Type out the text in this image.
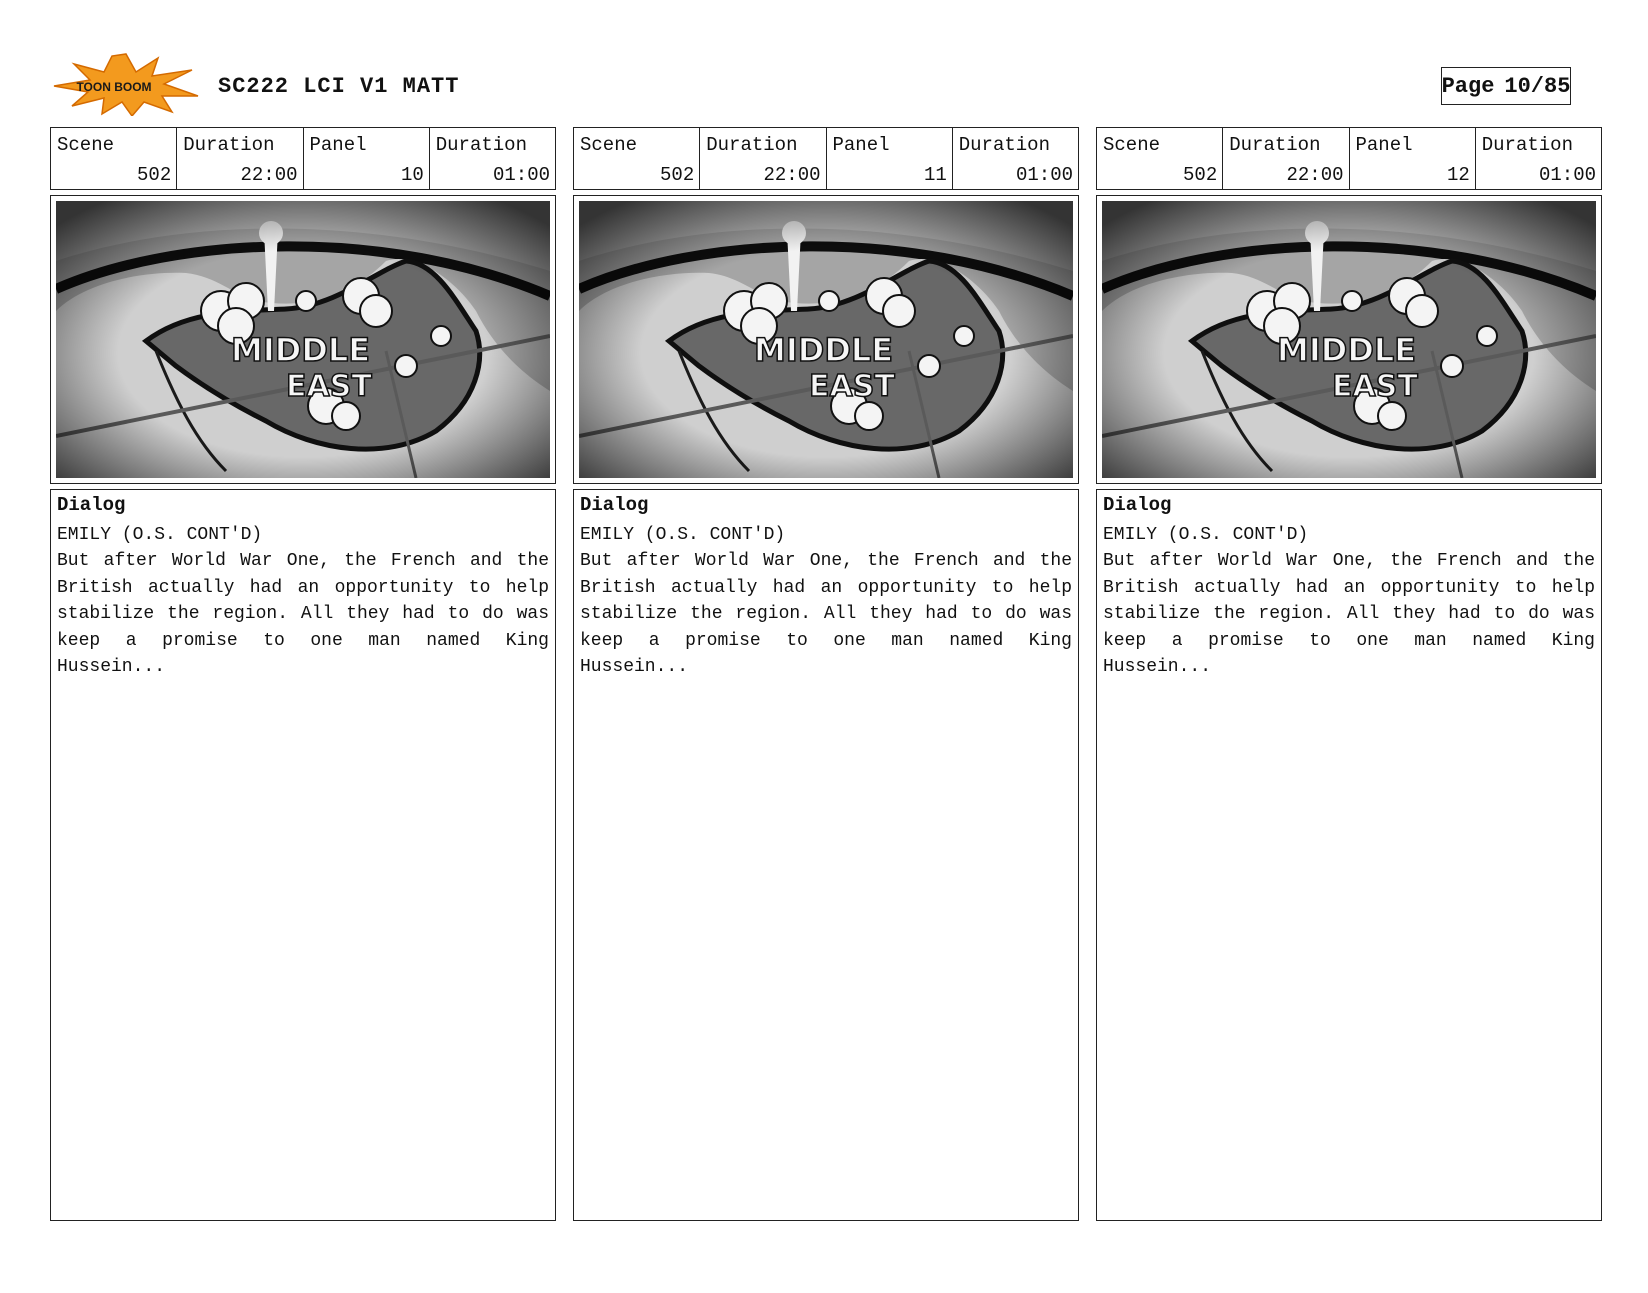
TOON BOOM	SC222 LCI V1 MATT	Page 10/85
Scene
502
Duration
22:00
Panel
10
Duration
01:00
Dialog
EMILY (O.S. CONT'D)

But after World War One, the French and the British actually had an opportunity to help stabilize the region. All they had to do was keep a promise to one man named King Hussein...

Scene
502
Duration
22:00
Panel
11
Duration
01:00
Dialog
EMILY (O.S. CONT'D)

But after World War One, the French and the British actually had an opportunity to help stabilize the region. All they had to do was keep a promise to one man named King Hussein...

Scene
502
Duration
22:00
Panel
12
Duration
01:00
Dialog
EMILY (O.S. CONT'D)

But after World War One, the French and the British actually had an opportunity to help stabilize the region. All they had to do was keep a promise to one man named King Hussein...
